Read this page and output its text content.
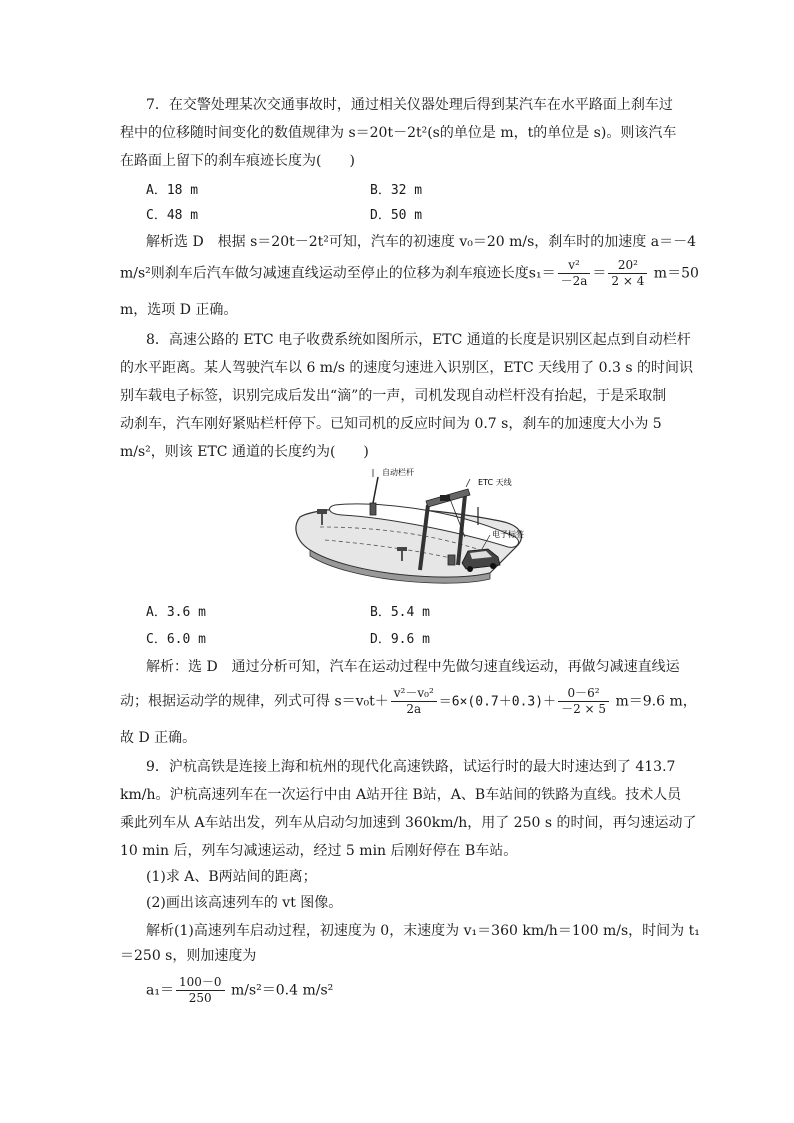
7．在交警处理某次交通事故时，通过相关仪器处理后得到某汽车在水平路面上刹车过
程中的位移随时间变化的数值规律为 s＝20t－2t²(s的单位是 m，t的单位是 s)。则该汽车
在路面上留下的刹车痕迹长度为(　　)
A．18 m	B．32 m
C．48 m	D．50 m
解析选 D　根据 s＝20t－2t²可知，汽车的初速度 v₀＝20 m/s，刹车时的加速度 a＝－4
m/s²则刹车后汽车做匀减速直线运动至停止的位移为刹车痕迹长度$s_1= \frac{\text{v²}}{-2a} = \frac{\text{20²}}{2 \times 4} m=50$
m，选项 D 正确。
8．高速公路的 ETC 电子收费系统如图所示，ETC 通道的长度是识别区起点到自动栏杆
的水平距离。某人驾驶汽车以 6 m/s 的速度匀速进入识别区，ETC 天线用了 0.3 s 的时间识
别车载电子标签，识别完成后发出“滴”的一声，司机发现自动栏杆没有抬起，于是采取制
动刹车，汽车刚好紧贴栏杆停下。已知司机的反应时间为 0.7 s，刹车的加速度大小为 5
m/s²，则该 ETC 通道的长度约为(　　)
自动栏杆
ETC 天线
电子标签
A．3.6 m	B．5.4 m
C．6.0 m	D．9.6 m
解析：选 D　通过分析可知，汽车在运动过程中先做匀速直线运动，再做匀减速直线运
动；根据运动学的规律，列式可得 $s=v_0t+ \frac{\text{v²－v₀²}}{2a} =6\times(0.7+0.3)+ \frac{\text{0－6²}}{-2 \times 5} m=9.6$ m，
故 D 正确。
9．沪杭高铁是连接上海和杭州的现代化高速铁路，试运行时的最大时速达到了 413.7
km/h。沪杭高速列车在一次运行中由 A站开往 B站，A、B车站间的铁路为直线。技术人员
乘此列车从 A车站出发，列车从启动匀加速到 360km/h，用了 250 s 的时间，再匀速运动了
10 min 后，列车匀减速运动，经过 5 min 后刚好停在 B车站。
(1)求 A、B两站间的距离；
(2)画出该高速列车的 vt 图像。
解析(1)高速列车启动过程，初速度为 0，末速度为 v₁＝360 km/h＝100 m/s，时间为 t₁
＝250 s，则加速度为
$a_1= \frac{100-0}{250} m/s^2=0.4$ m/s²
